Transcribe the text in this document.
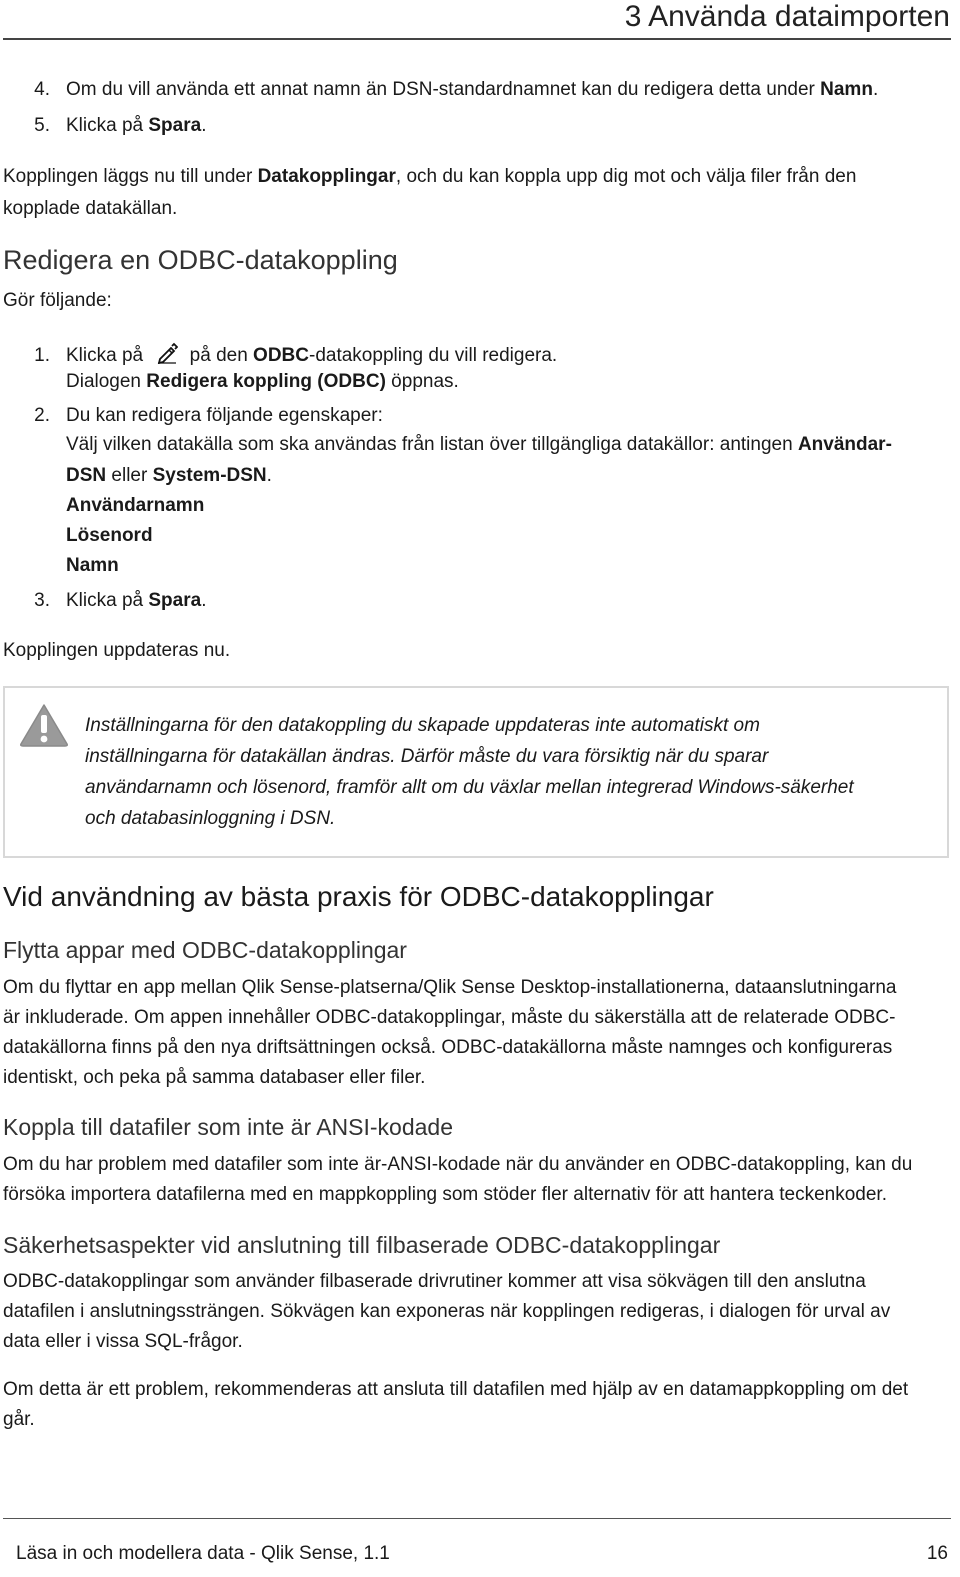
3 Använda dataimporten
4. Om du vill använda ett annat namn än DSN-standardnamnet kan du redigera detta under Namn.
5. Klicka på Spara.
Kopplingen läggs nu till under Datakopplingar, och du kan koppla upp dig mot och välja filer från den kopplade datakällan.
Redigera en ODBC-datakoppling
Gör följande:
1. Klicka på  på den ODBC-datakoppling du vill redigera.
Dialogen Redigera koppling (ODBC) öppnas.
2. Du kan redigera följande egenskaper:
Välj vilken datakälla som ska användas från listan över tillgängliga datakällor: antingen Användar-
DSN eller System-DSN.
Användarnamn
Lösenord
Namn
3. Klicka på Spara.
Kopplingen uppdateras nu.
Inställningarna för den datakoppling du skapade uppdateras inte automatiskt om
inställningarna för datakällan ändras. Därför måste du vara försiktig när du sparar
användarnamn och lösenord, framför allt om du växlar mellan integrerad Windows-säkerhet
och databasinloggning i DSN.
Vid användning av bästa praxis för ODBC-datakopplingar
Flytta appar med ODBC-datakopplingar
Om du flyttar en app mellan Qlik Sense-platserna/Qlik Sense Desktop-installationerna, dataanslutningarna
är inkluderade. Om appen innehåller ODBC-datakopplingar, måste du säkerställa att de relaterade ODBC-
datakällorna finns på den nya driftsättningen också. ODBC-datakällorna måste namnges och konfigureras
identiskt, och peka på samma databaser eller filer.
Koppla till datafiler som inte är ANSI-kodade
Om du har problem med datafiler som inte är-ANSI-kodade när du använder en ODBC-datakoppling, kan du
försöka importera datafilerna med en mappkoppling som stöder fler alternativ för att hantera teckenkoder.
Säkerhetsaspekter vid anslutning till filbaserade ODBC-datakopplingar
ODBC-datakopplingar som använder filbaserade drivrutiner kommer att visa sökvägen till den anslutna
datafilen i anslutningssträngen. Sökvägen kan exponeras när kopplingen redigeras, i dialogen för urval av
data eller i vissa SQL-frågor.
Om detta är ett problem, rekommenderas att ansluta till datafilen med hjälp av en datamappkoppling om det
går.
Läsa in och modellera data - Qlik Sense, 1.1	16
